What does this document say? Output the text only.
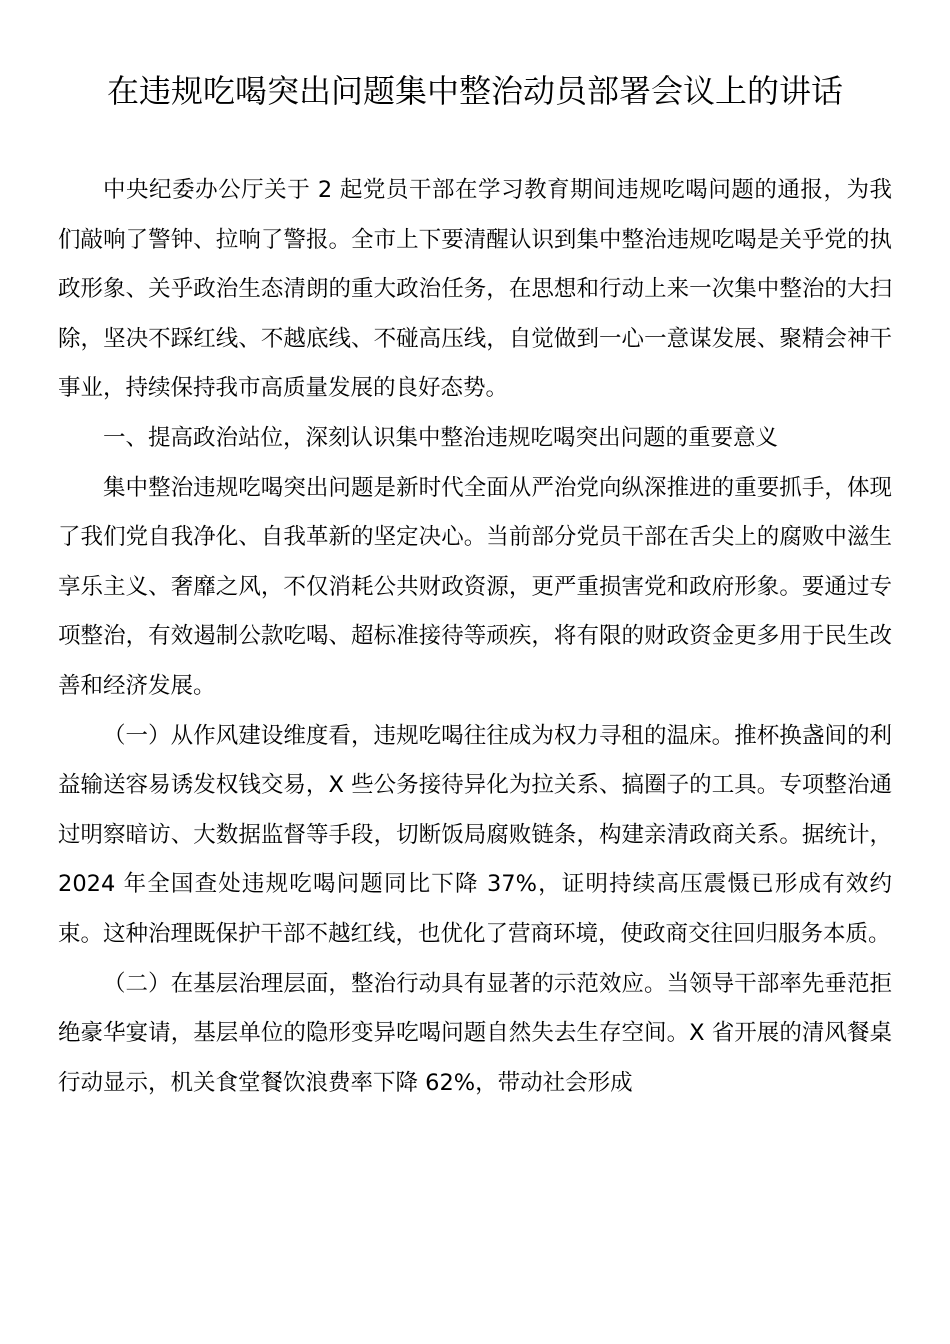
在违规吃喝突出问题集中整治动员部署会议上的讲话

中央纪委办公厅关于 2 起党员干部在学习教育期间违规吃喝问题的通报，为我们敲响了警钟、拉响了警报。全市上下要清醒认识到集中整治违规吃喝是关乎党的执政形象、关乎政治生态清朗的重大政治任务，在思想和行动上来一次集中整治的大扫除，坚决不踩红线、不越底线、不碰高压线，自觉做到一心一意谋发展、聚精会神干事业，持续保持我市高质量发展的良好态势。

一、提高政治站位，深刻认识集中整治违规吃喝突出问题的重要意义

集中整治违规吃喝突出问题是新时代全面从严治党向纵深推进的重要抓手，体现了我们党自我净化、自我革新的坚定决心。当前部分党员干部在舌尖上的腐败中滋生享乐主义、奢靡之风，不仅消耗公共财政资源，更严重损害党和政府形象。要通过专项整治，有效遏制公款吃喝、超标准接待等顽疾，将有限的财政资金更多用于民生改善和经济发展。

（一）从作风建设维度看，违规吃喝往往成为权力寻租的温床。推杯换盏间的利益输送容易诱发权钱交易，X 些公务接待异化为拉关系、搞圈子的工具。专项整治通过明察暗访、大数据监督等手段，切断饭局腐败链条，构建亲清政商关系。据统计，2024 年全国查处违规吃喝问题同比下降 37%，证明持续高压震慑已形成有效约束。这种治理既保护干部不越红线，也优化了营商环境，使政商交往回归服务本质。

（二）在基层治理层面，整治行动具有显著的示范效应。当领导干部率先垂范拒绝豪华宴请，基层单位的隐形变异吃喝问题自然失去生存空间。X 省开展的清风餐桌行动显示，机关食堂餐饮浪费率下降 62%，带动社会形成
